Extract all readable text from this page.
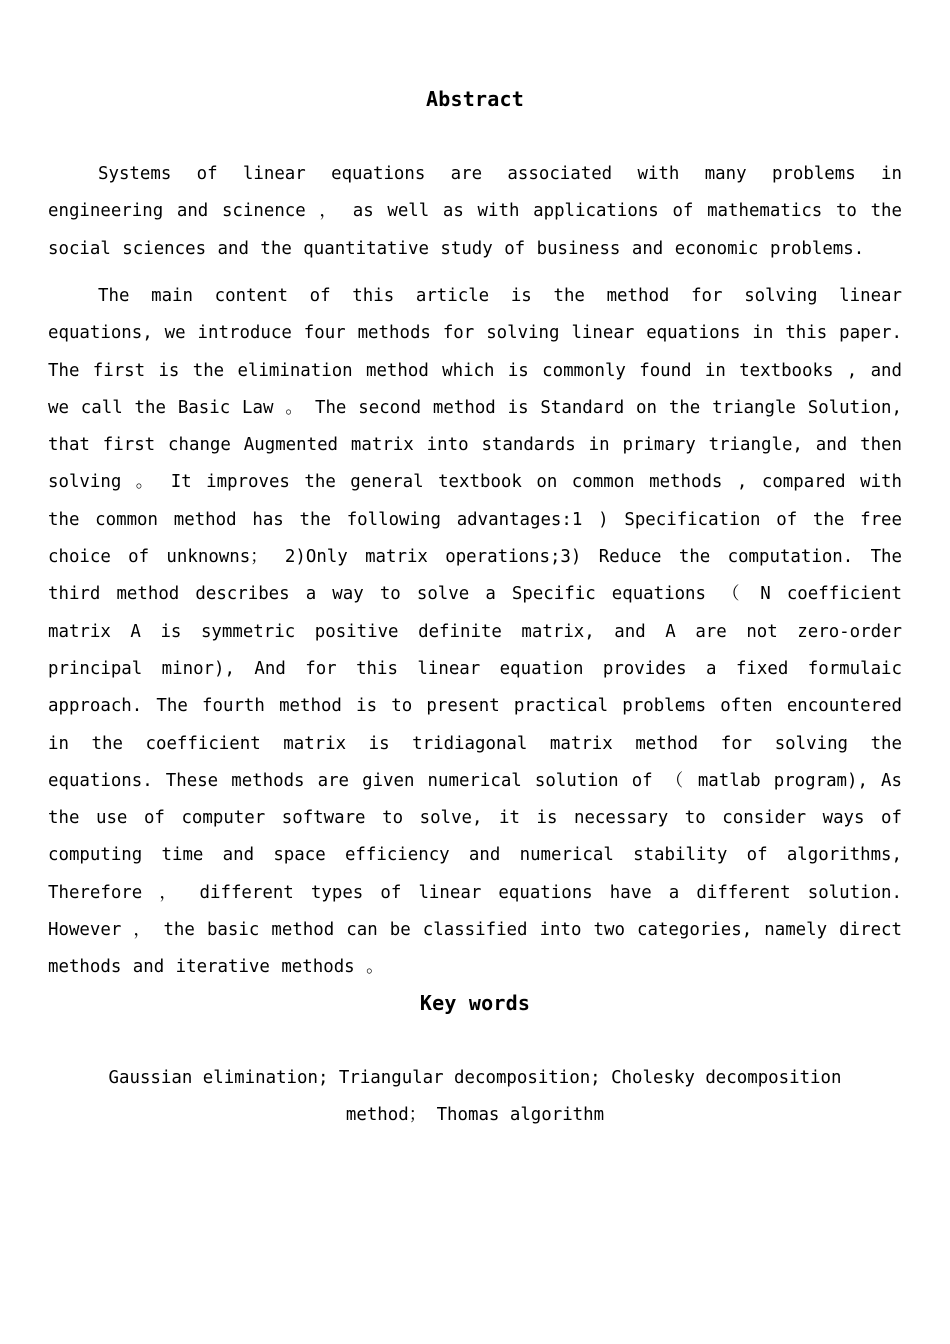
Abstract

Systems of linear equations are associated with many problems in engineering and scinence ， as well as with applications of mathematics to the social sciences and the quantitative study of business and economic problems.

The main content of this article is the method for solving linear equations, we introduce four methods for solving linear equations in this paper. The first is the elimination method which is commonly found in textbooks , and we call the Basic Law 。 The second method is Standard on the triangle Solution, that first change Augmented matrix into standards in primary triangle, and then solving 。 It improves the general textbook on common methods , compared with the common method has the following advantages:1 ) Specification of the free choice of unknowns； 2)Only matrix operations;3) Reduce the computation. The third method describes a way to solve a Specific equations （ N coefficient matrix A is symmetric positive definite matrix, and A are not zero-order principal minor), And for this linear equation provides a fixed formulaic approach. The fourth method is to present practical problems often encountered in the coefficient matrix is tridiagonal matrix method for solving the equations. These methods are given numerical solution of （ matlab program), As the use of computer software to solve, it is necessary to consider ways of computing time and space efficiency and numerical stability of algorithms, Therefore ， different types of linear equations have a different solution. However ， the basic method can be classified into two categories, namely direct methods and iterative methods 。

Key words

Gaussian elimination; Triangular decomposition; Cholesky decomposition method； Thomas algorithm
